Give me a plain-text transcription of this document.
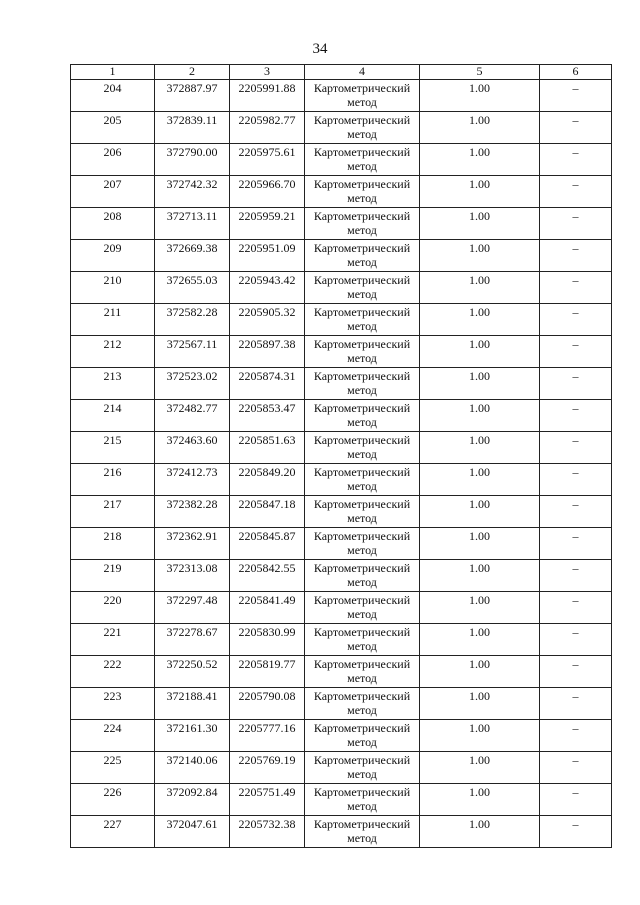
34
1	2	3	4	5	6
204	372887.97	2205991.88	Картометрический метод	1.00	–
205	372839.11	2205982.77	Картометрический метод	1.00	–
206	372790.00	2205975.61	Картометрический метод	1.00	–
207	372742.32	2205966.70	Картометрический метод	1.00	–
208	372713.11	2205959.21	Картометрический метод	1.00	–
209	372669.38	2205951.09	Картометрический метод	1.00	–
210	372655.03	2205943.42	Картометрический метод	1.00	–
211	372582.28	2205905.32	Картометрический метод	1.00	–
212	372567.11	2205897.38	Картометрический метод	1.00	–
213	372523.02	2205874.31	Картометрический метод	1.00	–
214	372482.77	2205853.47	Картометрический метод	1.00	–
215	372463.60	2205851.63	Картометрический метод	1.00	–
216	372412.73	2205849.20	Картометрический метод	1.00	–
217	372382.28	2205847.18	Картометрический метод	1.00	–
218	372362.91	2205845.87	Картометрический метод	1.00	–
219	372313.08	2205842.55	Картометрический метод	1.00	–
220	372297.48	2205841.49	Картометрический метод	1.00	–
221	372278.67	2205830.99	Картометрический метод	1.00	–
222	372250.52	2205819.77	Картометрический метод	1.00	–
223	372188.41	2205790.08	Картометрический метод	1.00	–
224	372161.30	2205777.16	Картометрический метод	1.00	–
225	372140.06	2205769.19	Картометрический метод	1.00	–
226	372092.84	2205751.49	Картометрический метод	1.00	–
227	372047.61	2205732.38	Картометрический метод	1.00	–
